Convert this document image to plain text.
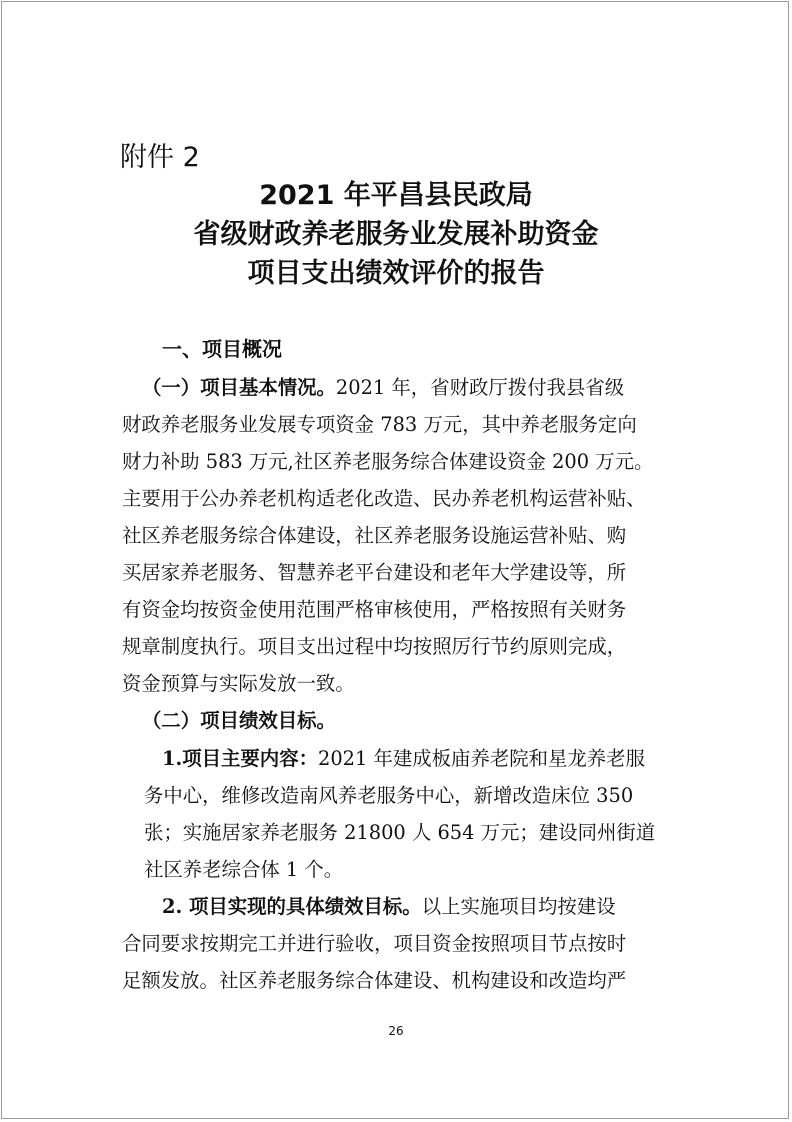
附件 2
2021 年平昌县民政局
省级财政养老服务业发展补助资金
项目支出绩效评价的报告
一、项目概况
（一）项目基本情况。2021 年，省财政厅拨付我县省级
财政养老服务业发展专项资金 783 万元，其中养老服务定向
财力补助 583 万元,社区养老服务综合体建设资金 200 万元。
主要用于公办养老机构适老化改造、民办养老机构运营补贴、
社区养老服务综合体建设，社区养老服务设施运营补贴、购
买居家养老服务、智慧养老平台建设和老年大学建设等，所
有资金均按资金使用范围严格审核使用，严格按照有关财务
规章制度执行。项目支出过程中均按照厉行节约原则完成，
资金预算与实际发放一致。
（二）项目绩效目标。
1.项目主要内容：2021 年建成板庙养老院和星龙养老服
务中心，维修改造南风养老服务中心，新增改造床位 350
张；实施居家养老服务 21800 人 654 万元；建设同州街道
社区养老综合体 1 个。
2. 项目实现的具体绩效目标。以上实施项目均按建设
合同要求按期完工并进行验收，项目资金按照项目节点按时
足额发放。社区养老服务综合体建设、机构建设和改造均严
26
